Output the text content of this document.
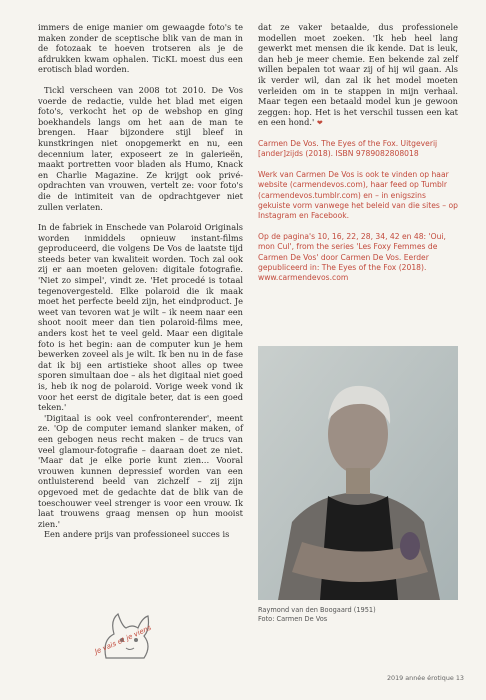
immers de enige manier om gewaagde foto's te maken zonder de sceptische blik van de man in de fotozaak te hoeven trotseren als je de afdrukken kwam ophalen. TicKL moest dus een erotisch blad worden.

Tickl verscheen van 2008 tot 2010. De Vos voerde de redactie, vulde het blad met eigen foto's, verkocht het op de webshop en ging boekhandels langs om het aan de man te brengen. Haar bijzondere stijl bleef in kunstkringen niet onopgemerkt en nu, een decennium later, exposeert ze in galerieën, maakt portretten voor bladen als Humo, Knack en Charlie Magazine. Ze krijgt ook privé-opdrachten van vrouwen, vertelt ze: voor foto's die de intimiteit van de opdrachtgever niet zullen verlaten.

In de fabriek in Enschede van Polaroid Originals worden inmiddels opnieuw instant-films geproduceerd, die volgens De Vos de laatste tijd steeds beter van kwaliteit worden. Toch zal ook zij er aan moeten geloven: digitale fotografie. 'Niet zo simpel', vindt ze. 'Het procedé is totaal tegenovergesteld. Elke polaroid die ik maak moet het perfecte beeld zijn, het eindproduct. Je weet van tevoren wat je wilt – ik neem naar een shoot nooit meer dan tien polaroid-films mee, anders kost het te veel geld. Maar een digitale foto is het begin: aan de computer kun je hem bewerken zoveel als je wilt. Ik ben nu in de fase dat ik bij een artistieke shoot alles op twee sporen simultaan doe – als het digitaal niet goed is, heb ik nog de polaroid. Vorige week vond ik voor het eerst de digitale beter, dat is een goed teken.'

'Digitaal is ook veel confronterender', meent ze. 'Op de computer iemand slanker maken, of een gebogen neus recht maken – de trucs van veel glamour-fotografie – daaraan doet ze niet. 'Maar dat je elke porie kunt zien… Vooral vrouwen kunnen depressief worden van een ontluisterend beeld van zichzelf – zij zijn opgevoed met de gedachte dat de blik van de toeschouwer veel strenger is voor een vrouw. Ik laat trouwens graag mensen op hun mooist zien.'

Een andere prijs van professioneel succes is

dat ze vaker betaalde, dus professionele modellen moet zoeken. 'Ik heb heel lang gewerkt met mensen die ik kende. Dat is leuk, dan heb je meer chemie. Een bekende zal zelf willen bepalen tot waar zij of hij wil gaan. Als ik verder wil, dan zal ik het model moeten verleiden om in te stappen in mijn verhaal. Maar tegen een betaald model kun je gewoon zeggen: hop. Het is het verschil tussen een kat en een hond.' ❤

Carmen De Vos. The Eyes of the Fox. Uitgeverij [ander]zijds (2018). ISBN 9789082808018

Werk van Carmen De Vos is ook te vinden op haar website (carmendevos.com), haar feed op Tumblr (carmendevos.tumblr.com) en – in enigszins gekuiste vorm vanwege het beleid van die sites – op Instagram en Facebook.

Op de pagina's 10, 16, 22, 28, 34, 42 en 48: 'Oui, mon Cul', from the series 'Les Foxy Femmes de Carmen De Vos' door Carmen De Vos. Eerder gepubliceerd in: The Eyes of the Fox (2018). www.carmendevos.com

Raymond van den Boogaard (1951)
Foto: Carmen De Vos
Je vais et je viens
2019 année érotique 13
